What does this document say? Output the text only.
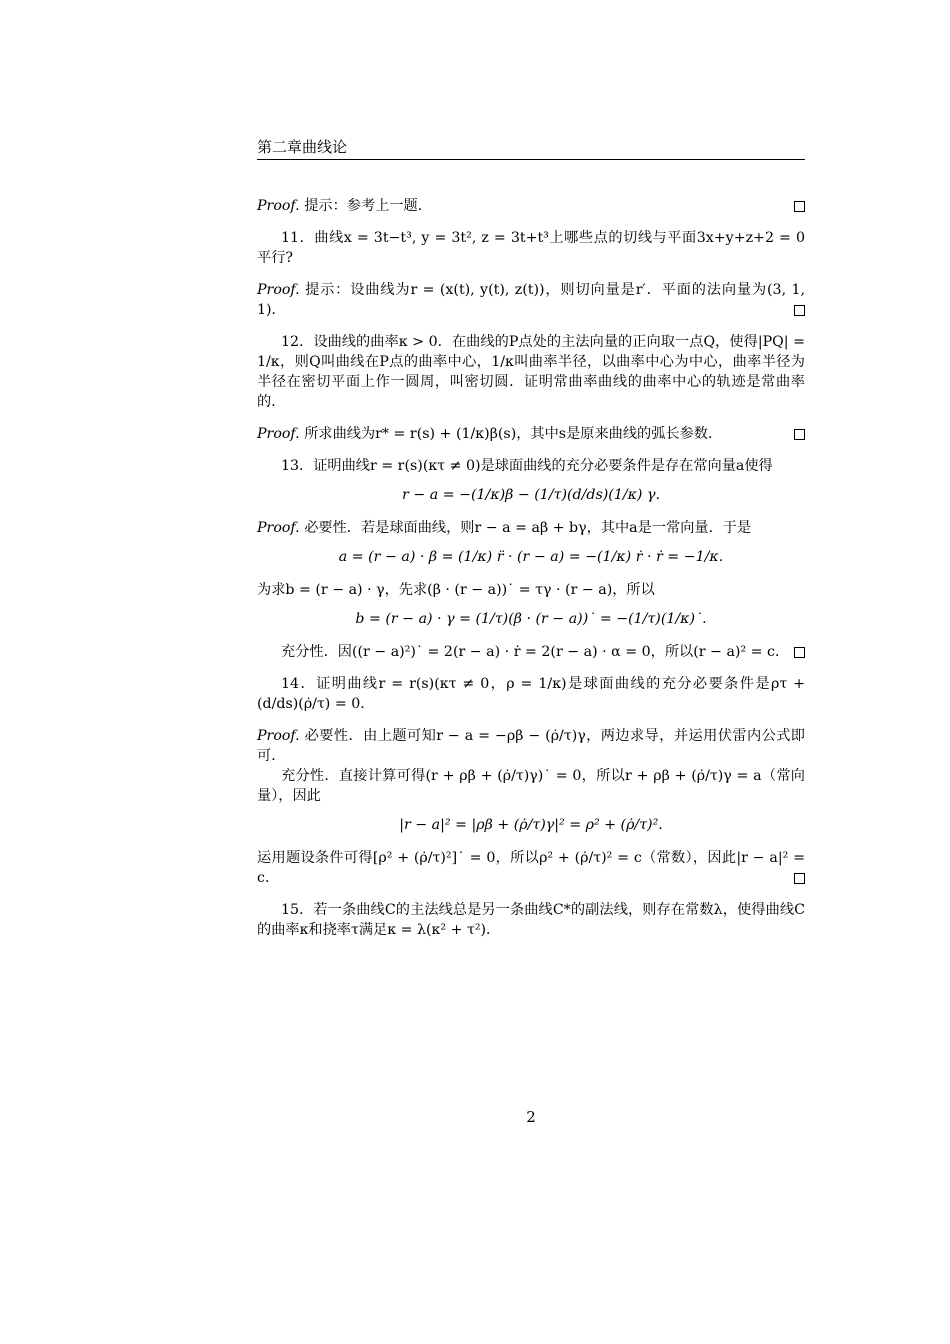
第二章曲线论

Proof. 提示：参考上一题．

11．曲线x = 3t−t³, y = 3t², z = 3t+t³上哪些点的切线与平面3x+y+z+2 = 0平行?

Proof. 提示：设曲线为r = (x(t), y(t), z(t))，则切向量是r′．平面的法向量为(3, 1, 1)．

12．设曲线的曲率κ > 0．在曲线的P点处的主法向量的正向取一点Q，使得|PQ| = 1/κ，则Q叫曲线在P点的曲率中心，1/κ叫曲率半径，以曲率中心为中心，曲率半径为半径在密切平面上作一圆周，叫密切圆．证明常曲率曲线的曲率中心的轨迹是常曲率的．

Proof. 所求曲线为r* = r(s) + (1/κ)β(s)，其中s是原来曲线的弧长参数．

13．证明曲线r = r(s)(κτ ≠ 0)是球面曲线的充分必要条件是存在常向量a使得

r − a = −(1/κ)β − (1/τ)(d/ds)(1/κ) γ.

Proof. 必要性．若是球面曲线，则r − a = aβ + bγ，其中a是一常向量．于是

a = (r − a) · β = (1/κ) r̈ · (r − a) = −(1/κ) ṙ · ṙ = −1/κ.

为求b = (r − a) · γ，先求(β · (r − a))˙ = τγ · (r − a)，所以

b = (r − a) · γ = (1/τ)(β · (r − a))˙ = −(1/τ)(1/κ)˙.

充分性．因((r − a)²)˙ = 2(r − a) · ṙ = 2(r − a) · α = 0，所以(r − a)² = c．

14．证明曲线r = r(s)(κτ ≠ 0，ρ = 1/κ)是球面曲线的充分必要条件是ρτ + (d/ds)(ρ̇/τ) = 0．

Proof. 必要性．由上题可知r − a = −ρβ − (ρ̇/τ)γ，两边求导，并运用伏雷内公式即可．

充分性．直接计算可得(r + ρβ + (ρ̇/τ)γ)˙ = 0，所以r + ρβ + (ρ̇/τ)γ = a（常向量），因此

|r − a|² = |ρβ + (ρ̇/τ)γ|² = ρ² + (ρ̇/τ)².

运用题设条件可得[ρ² + (ρ̇/τ)²]˙ = 0，所以ρ² + (ρ̇/τ)² = c（常数），因此|r − a|² = c．

15．若一条曲线C的主法线总是另一条曲线C*的副法线，则存在常数λ，使得曲线C的曲率κ和挠率τ满足κ = λ(κ² + τ²)．

2
